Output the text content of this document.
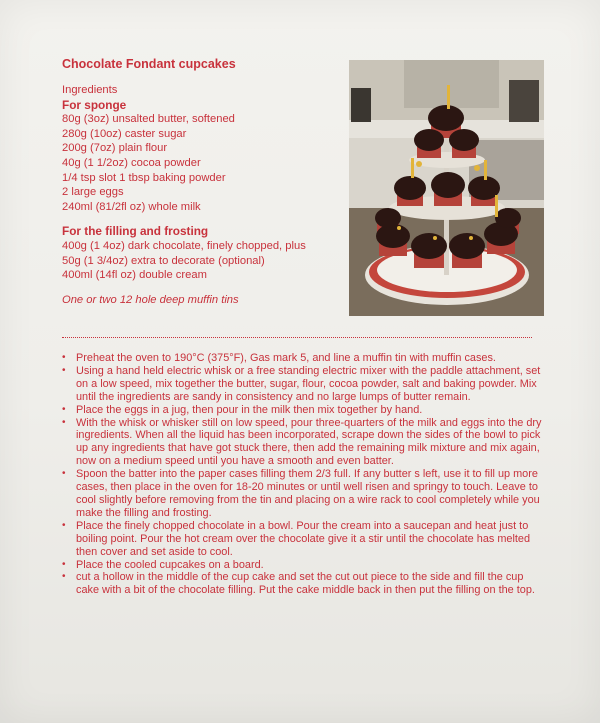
Chocolate Fondant cupcakes
Ingredients
For sponge
80g (3oz) unsalted butter, softened
280g (10oz) caster sugar
200g (7oz) plain flour
40g (1 1/2oz) cocoa powder
1/4 tsp slot 1 tbsp baking powder
2 large eggs
240ml (81/2fl oz) whole milk
For the filling and frosting
400g (1 4oz) dark chocolate, finely chopped, plus
50g (1 3/4oz) extra to decorate (optional)
400ml (14fl oz) double cream
One or two 12 hole deep muffin tins
• Preheat the oven to 190°C (375°F), Gas mark 5, and line a muffin tin with muffin cases.
• Using a hand held electric whisk or a free standing electric mixer with the paddle attachment, set on a low speed, mix together the butter, sugar, flour, cocoa powder, salt and baking powder. Mix until the ingredients are sandy in consistency and no large lumps of butter remain.
• Place the eggs in a jug, then pour in the milk then mix together by hand.
• With the whisk or whisker still on low speed, pour three-quarters of the milk and eggs into the dry ingredients. When all the liquid has been incorporated, scrape down the sides of the bowl to pick up any ingredients that have got stuck there, then add the remaining milk mixture and mix again, now on a medium speed until you have a smooth and even batter.
• Spoon the batter into the paper cases filling them 2/3 full. If any butter s left, use it to fill up more cases, then place in the oven for 18-20 minutes or until well risen and springy to touch. Leave to cool slightly before removing from the tin and placing on a wire rack to cool completely while you make the filling and frosting.
• Place the finely chopped chocolate in a bowl. Pour the cream into a saucepan and heat just to boiling point. Pour the hot cream over the chocolate give it a stir until the chocolate has melted then cover and set aside to cool.
• Place the cooled cupcakes on a board.
• cut a hollow in the middle of the cup cake and set the cut out piece to the side and fill the cup cake with a bit of the chocolate filling. Put the cake middle back in then put the filling on the top.
